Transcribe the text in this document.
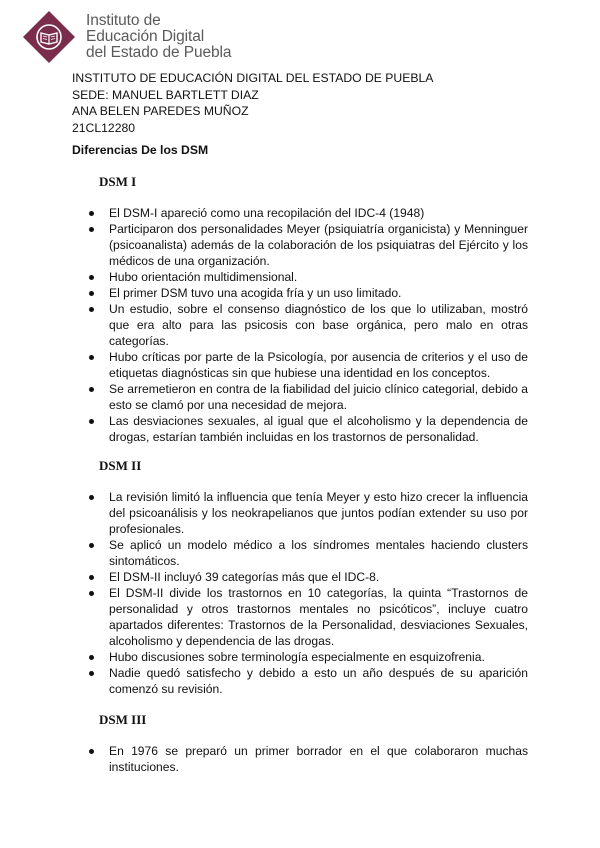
Instituto de
Educación Digital
del Estado de Puebla
INSTITUTO DE EDUCACIÓN DIGITAL DEL ESTADO DE PUEBLA
SEDE: MANUEL BARTLETT DIAZ
ANA BELEN PAREDES MUÑOZ
21CL12280
Diferencias De los DSM
DSM I
El DSM-I apareció como una recopilación del IDC-4 (1948)
Participaron dos personalidades Meyer (psiquiatría organicista) y Menninguer (psicoanalista) además de la colaboración de los psiquiatras del Ejército y los médicos de una organización.
Hubo orientación multidimensional.
El primer DSM tuvo una acogida fría y un uso limitado.
Un estudio, sobre el consenso diagnóstico de los que lo utilizaban, mostró que era alto para las psicosis con base orgánica, pero malo en otras categorías.
Hubo críticas por parte de la Psicología, por ausencia de criterios y el uso de etiquetas diagnósticas sin que hubiese una identidad en los conceptos.
Se arremetieron en contra de la fiabilidad del juicio clínico categorial, debido a esto se clamó por una necesidad de mejora.
Las desviaciones sexuales, al igual que el alcoholismo y la dependencia de drogas, estarían también incluidas en los trastornos de personalidad.
DSM II
La revisión limitó la influencia que tenía Meyer y esto hizo crecer la influencia del psicoanálisis y los neokrapelianos que juntos podían extender su uso por profesionales.
Se aplicó un modelo médico a los síndromes mentales haciendo clusters sintomáticos.
El DSM-II incluyó 39 categorías más que el IDC-8.
El DSM-II divide los trastornos en 10 categorías, la quinta “Trastornos de personalidad y otros trastornos mentales no psicóticos”, incluye cuatro apartados diferentes: Trastornos de la Personalidad, desviaciones Sexuales, alcoholismo y dependencia de las drogas.
Hubo discusiones sobre terminología especialmente en esquizofrenia.
Nadie quedó satisfecho y debido a esto un año después de su aparición comenzó su revisión.
DSM III
En 1976 se preparó un primer borrador en el que colaboraron muchas instituciones.
